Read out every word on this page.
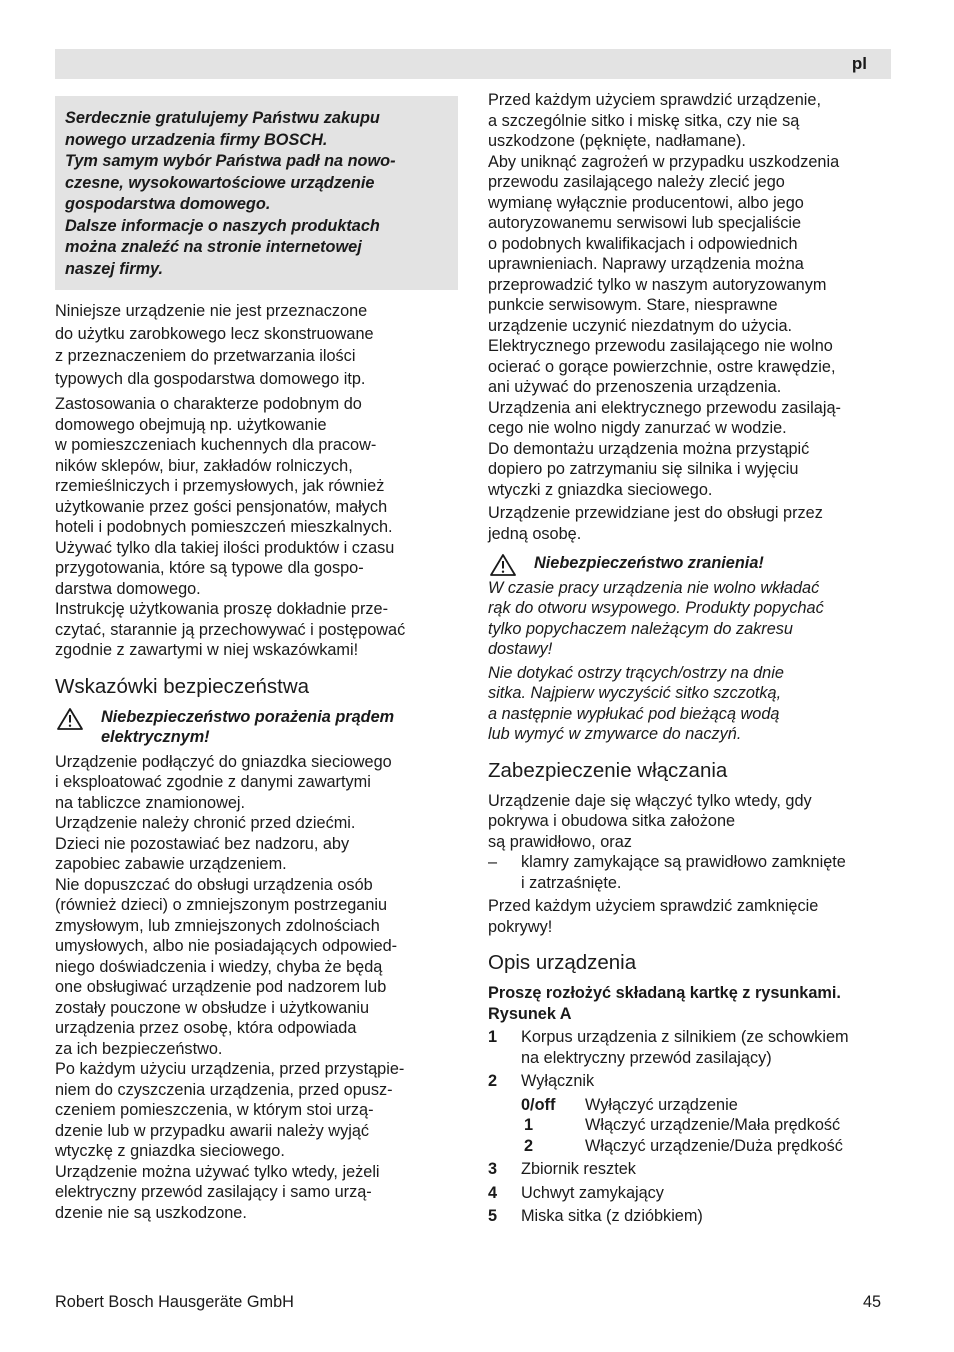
pl
Serdecznie gratulujemy Państwu zakupu
nowego urzadzenia firmy BOSCH.
Tym samym wybór Państwa padł na nowo-
czesne, wysokowartościowe urządzenie
gospodarstwa domowego.
Dalsze informacje o naszych produktach
można znaleźć na stronie internetowej
naszej firmy.
Niniejsze urządzenie nie jest przeznaczone
do użytku zarobkowego lecz skonstruowane
z przeznaczeniem do przetwarzania ilości
typowych dla gospodarstwa domowego itp.
Zastosowania o charakterze podobnym do
domowego obejmują np. użytkowanie
w pomieszczeniach kuchennych dla pracow-
ników sklepów, biur, zakładów rolniczych,
rzemieślniczych i przemysłowych, jak również
użytkowanie przez gości pensjonatów, małych
hoteli i podobnych pomieszczeń mieszkalnych.
Używać tylko dla takiej ilości produktów i czasu
przygotowania, które są typowe dla gospo-
darstwa domowego.
Instrukcję użytkowania proszę dokładnie prze-
czytać, starannie ją przechowywać i postępować
zgodnie z zawartymi w niej wskazówkami!
Wskazówki bezpieczeństwa
Niebezpieczeństwo porażenia prądem
elektrycznym!
Urządzenie podłączyć do gniazdka sieciowego
i eksploatować zgodnie z danymi zawartymi
na tabliczce znamionowej.
Urządzenie należy chronić przed dziećmi.
Dzieci nie pozostawiać bez nadzoru, aby
zapobiec zabawie urządzeniem.
Nie dopuszczać do obsługi urządzenia osób
(również dzieci) o zmniejszonym postrzeganiu
zmysłowym, lub zmniejszonych zdolnościach
umysłowych, albo nie posiadających odpowied-
niego doświadczenia i wiedzy, chyba że będą
one obsługiwać urządzenie pod nadzorem lub
zostały pouczone w obsłudze i użytkowaniu
urządzenia przez osobę, która odpowiada
za ich bezpieczeństwo.
Po każdym użyciu urządzenia, przed przystąpie-
niem do czyszczenia urządzenia, przed opusz-
czeniem pomieszczenia, w którym stoi urzą-
dzenie lub w przypadku awarii należy wyjąć
wtyczkę z gniazdka sieciowego.
Urządzenie można używać tylko wtedy, jeżeli
elektryczny przewód zasilający i samo urzą-
dzenie nie są uszkodzone.
Przed każdym użyciem sprawdzić urządzenie,
a szczególnie sitko i miskę sitka, czy nie są
uszkodzone (pęknięte, nadłamane).
Aby uniknąć zagrożeń w przypadku uszkodzenia
przewodu zasilającego należy zlecić jego
wymianę wyłącznie producentowi, albo jego
autoryzowanemu serwisowi lub specjaliście
o podobnych kwalifikacjach i odpowiednich
uprawnieniach. Naprawy urządzenia można
przeprowadzić tylko w naszym autoryzowanym
punkcie serwisowym. Stare, niesprawne
urządzenie uczynić niezdatnym do użycia.
Elektrycznego przewodu zasilającego nie wolno
ocierać o gorące powierzchnie, ostre krawędzie,
ani używać do przenoszenia urządzenia.
Urządzenia ani elektrycznego przewodu zasilają-
cego nie wolno nigdy zanurzać w wodzie.
Do demontażu urządzenia można przystąpić
dopiero po zatrzymaniu się silnika i wyjęciu
wtyczki z gniazdka sieciowego.
Urządzenie przewidziane jest do obsługi przez
jedną osobę.
Niebezpieczeństwo zranienia!
W czasie pracy urządzenia nie wolno wkładać
rąk do otworu wsypowego. Produkty popychać
tylko popychaczem należącym do zakresu
dostawy!
Nie dotykać ostrzy trących/ostrzy na dnie
sitka. Najpierw wyczyścić sitko szczotką,
a następnie wypłukać pod bieżącą wodą
lub wymyć w zmywarce do naczyń.
Zabezpieczenie włączania
Urządzenie daje się włączyć tylko wtedy, gdy
pokrywa i obudowa sitka założone
są prawidłowo, oraz
– klamry zamykające są prawidłowo zamknięte
i zatrzaśnięte.
Przed każdym użyciem sprawdzić zamknięcie
pokrywy!
Opis urządzenia
Proszę rozłożyć składaną kartkę z rysunkami.
Rysunek A
1 Korpus urządzenia z silnikiem (ze schowkiem
na elektryczny przewód zasilający)
2 Wyłącznik
0/off Wyłączyć urządzenie
1	Włączyć urządzenie/Mała prędkość
2	Włączyć urządzenie/Duża prędkość
3 Zbiornik resztek
4 Uchwyt zamykający
5 Miska sitka (z dzióbkiem)
Robert Bosch Hausgeräte GmbH	45
